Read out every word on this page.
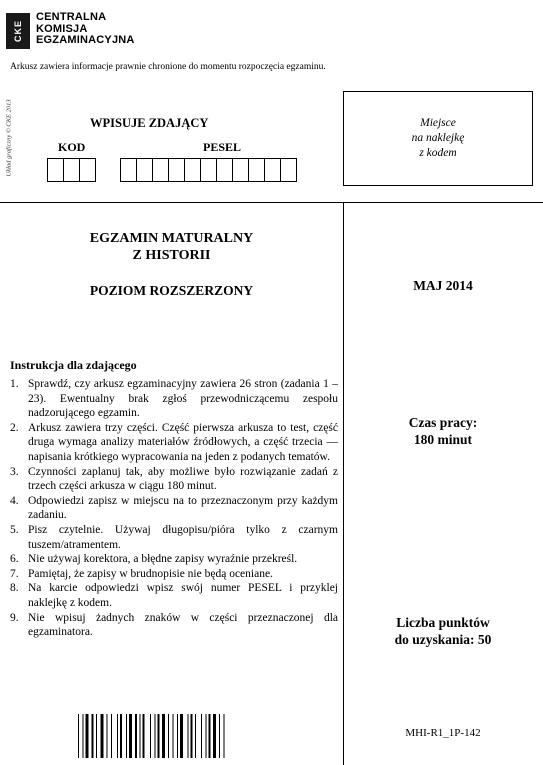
CKE
CENTRALNA
KOMISJA
EGZAMINACYJNA
Arkusz zawiera informacje prawnie chronione do momentu rozpoczęcia egzaminu.
Układ graficzny © CKE 2013	WPISUJE ZDAJĄCY
KOD	PESEL
Miejsce
na naklejkę
z kodem
EGZAMIN MATURALNY
Z HISTORII
POZIOM ROZSZERZONY	MAJ 2014
Czas pracy:
180 minut
Liczba punktów
do uzyskania: 50
MHI-R1_1P-142
Instrukcja dla zdającego
1. Sprawdź, czy arkusz egzaminacyjny zawiera 26 stron (zadania 1 – 23). Ewentualny brak zgłoś przewodniczącemu zespołu nadzorującego egzamin.
2. Arkusz zawiera trzy części. Część pierwsza arkusza to test, część druga wymaga analizy materiałów źródłowych, a część trzecia — napisania krótkiego wypracowania na jeden z podanych tematów.
3. Czynności zaplanuj tak, aby możliwe było rozwiązanie zadań z trzech części arkusza w ciągu 180 minut.
4. Odpowiedzi zapisz w miejscu na to przeznaczonym przy każdym zadaniu.
5. Pisz czytelnie. Używaj długopisu/pióra tylko z czarnym tuszem/atramentem.
6. Nie używaj korektora, a błędne zapisy wyraźnie przekreśl.
7. Pamiętaj, że zapisy w brudnopisie nie będą oceniane.
8. Na karcie odpowiedzi wpisz swój numer PESEL i przyklej naklejkę z kodem.
9. Nie wpisuj żadnych znaków w części przeznaczonej dla egzaminatora.
